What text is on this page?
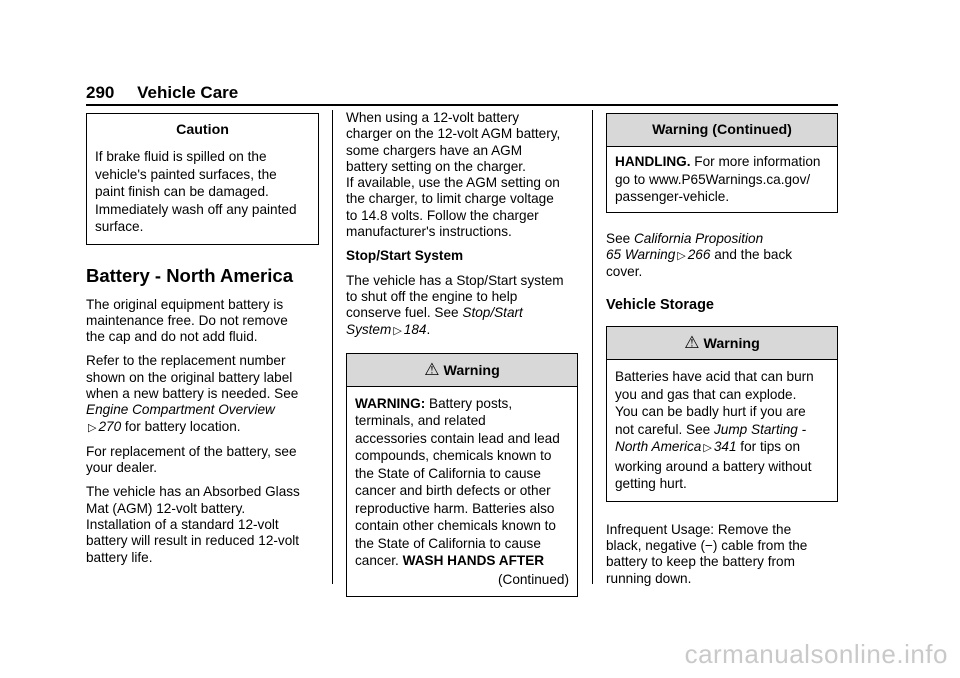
290 Vehicle Care
Caution

If brake fluid is spilled on the

vehicle's painted surfaces, the

paint finish can be damaged.

Immediately wash off any painted

surface.

Battery - North America

The original equipment battery is
maintenance free. Do not remove
the cap and do not add fluid.

Refer to the replacement number
shown on the original battery label
when a new battery is needed. See
Engine Compartment Overview
▷ 270 for battery location.

For replacement of the battery, see
your dealer.

The vehicle has an Absorbed Glass
Mat (AGM) 12-volt battery.
Installation of a standard 12-volt
battery will result in reduced 12-volt
battery life.

When using a 12-volt battery
charger on the 12-volt AGM battery,
some chargers have an AGM
battery setting on the charger.
If available, use the AGM setting on
the charger, to limit charge voltage
to 14.8 volts. Follow the charger
manufacturer's instructions.

Stop/Start System

The vehicle has a Stop/Start system
to shut off the engine to help
conserve fuel. See Stop/Start
System ▷ 184.

⚠ Warning

WARNING: Battery posts,

terminals, and related

accessories contain lead and lead

compounds, chemicals known to

the State of California to cause

cancer and birth defects or other

reproductive harm. Batteries also

contain other chemicals known to

the State of California to cause

cancer. WASH HANDS AFTER

(Continued)

Warning (Continued)

HANDLING. For more information

go to www.P65Warnings.ca.gov/

passenger-vehicle.

See California Proposition
65 Warning ▷ 266 and the back
cover.

Vehicle Storage
⚠ Warning

Batteries have acid that can burn

you and gas that can explode.

You can be badly hurt if you are

not careful. See Jump Starting -

North America ▷ 341 for tips on

working around a battery without

getting hurt.

Infrequent Usage: Remove the
black, negative (−) cable from the
battery to keep the battery from
running down.

carmanualsonline.info
